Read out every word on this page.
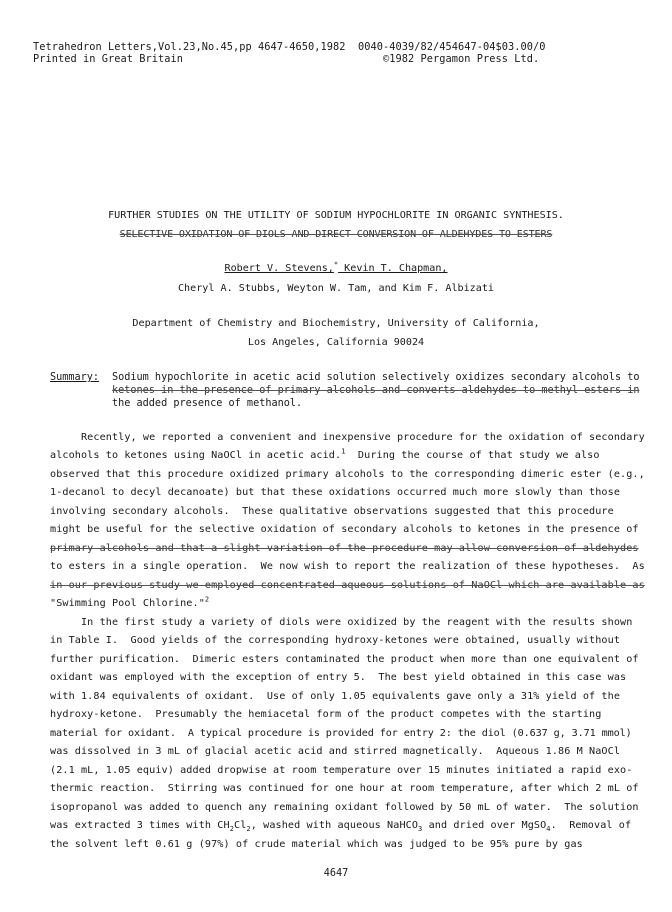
Tetrahedron Letters,Vol.23,No.45,pp 4647-4650,1982  0040-4039/82/454647-04$03.00/0
Printed in Great Britain                                ©1982 Pergamon Press Ltd.
FURTHER STUDIES ON THE UTILITY OF SODIUM HYPOCHLORITE IN ORGANIC SYNTHESIS.
SELECTIVE OXIDATION OF DIOLS AND DIRECT CONVERSION OF ALDEHYDES TO ESTERS
Robert V. Stevens,* Kevin T. Chapman,
Cheryl A. Stubbs, Weyton W. Tam, and Kim F. Albizati
Department of Chemistry and Biochemistry, University of California,
Los Angeles, California 90024
Summary: Sodium hypochlorite in acetic acid solution selectively oxidizes secondary alcohols to
ketones in the presence of primary alcohols and converts aldehydes to methyl esters in
the added presence of methanol.
Recently, we reported a convenient and inexpensive procedure for the oxidation of secondary
alcohols to ketones using NaOCl in acetic acid.$^1$  During the course of that study we also
observed that this procedure oxidized primary alcohols to the corresponding dimeric ester (e.g.,
1-decanol to decyl decanoate) but that these oxidations occurred much more slowly than those
involving secondary alcohols.  These qualitative observations suggested that this procedure
might be useful for the selective oxidation of secondary alcohols to ketones in the presence of
primary alcohols and that a slight variation of the procedure may allow conversion of aldehydes
to esters in a single operation.  We now wish to report the realization of these hypotheses.  As
in our previous study we employed concentrated aqueous solutions of NaOCl which are available as
"Swimming Pool Chlorine."$^2$
In the first study a variety of diols were oxidized by the reagent with the results shown
in Table I.  Good yields of the corresponding hydroxy-ketones were obtained, usually without
further purification.  Dimeric esters contaminated the product when more than one equivalent of
oxidant was employed with the exception of entry 5.  The best yield obtained in this case was
with 1.84 equivalents of oxidant.  Use of only 1.05 equivalents gave only a 31% yield of the
hydroxy-ketone.  Presumably the hemiacetal form of the product competes with the starting
material for oxidant.  A typical procedure is provided for entry 2: the diol (0.637 g, 3.71 mmol)
was dissolved in 3 mL of glacial acetic acid and stirred magnetically.  Aqueous 1.86 M NaOCl
(2.1 mL, 1.05 equiv) added dropwise at room temperature over 15 minutes initiated a rapid exo-
thermic reaction.  Stirring was continued for one hour at room temperature, after which 2 mL of
isopropanol was added to quench any remaining oxidant followed by 50 mL of water.  The solution
was extracted 3 times with $CH_2Cl_2$, washed with aqueous NaHCO$_3$ and dried over MgSO$_4$.  Removal of
the solvent left 0.61 g (97%) of crude material which was judged to be 95% pure by gas
4647
